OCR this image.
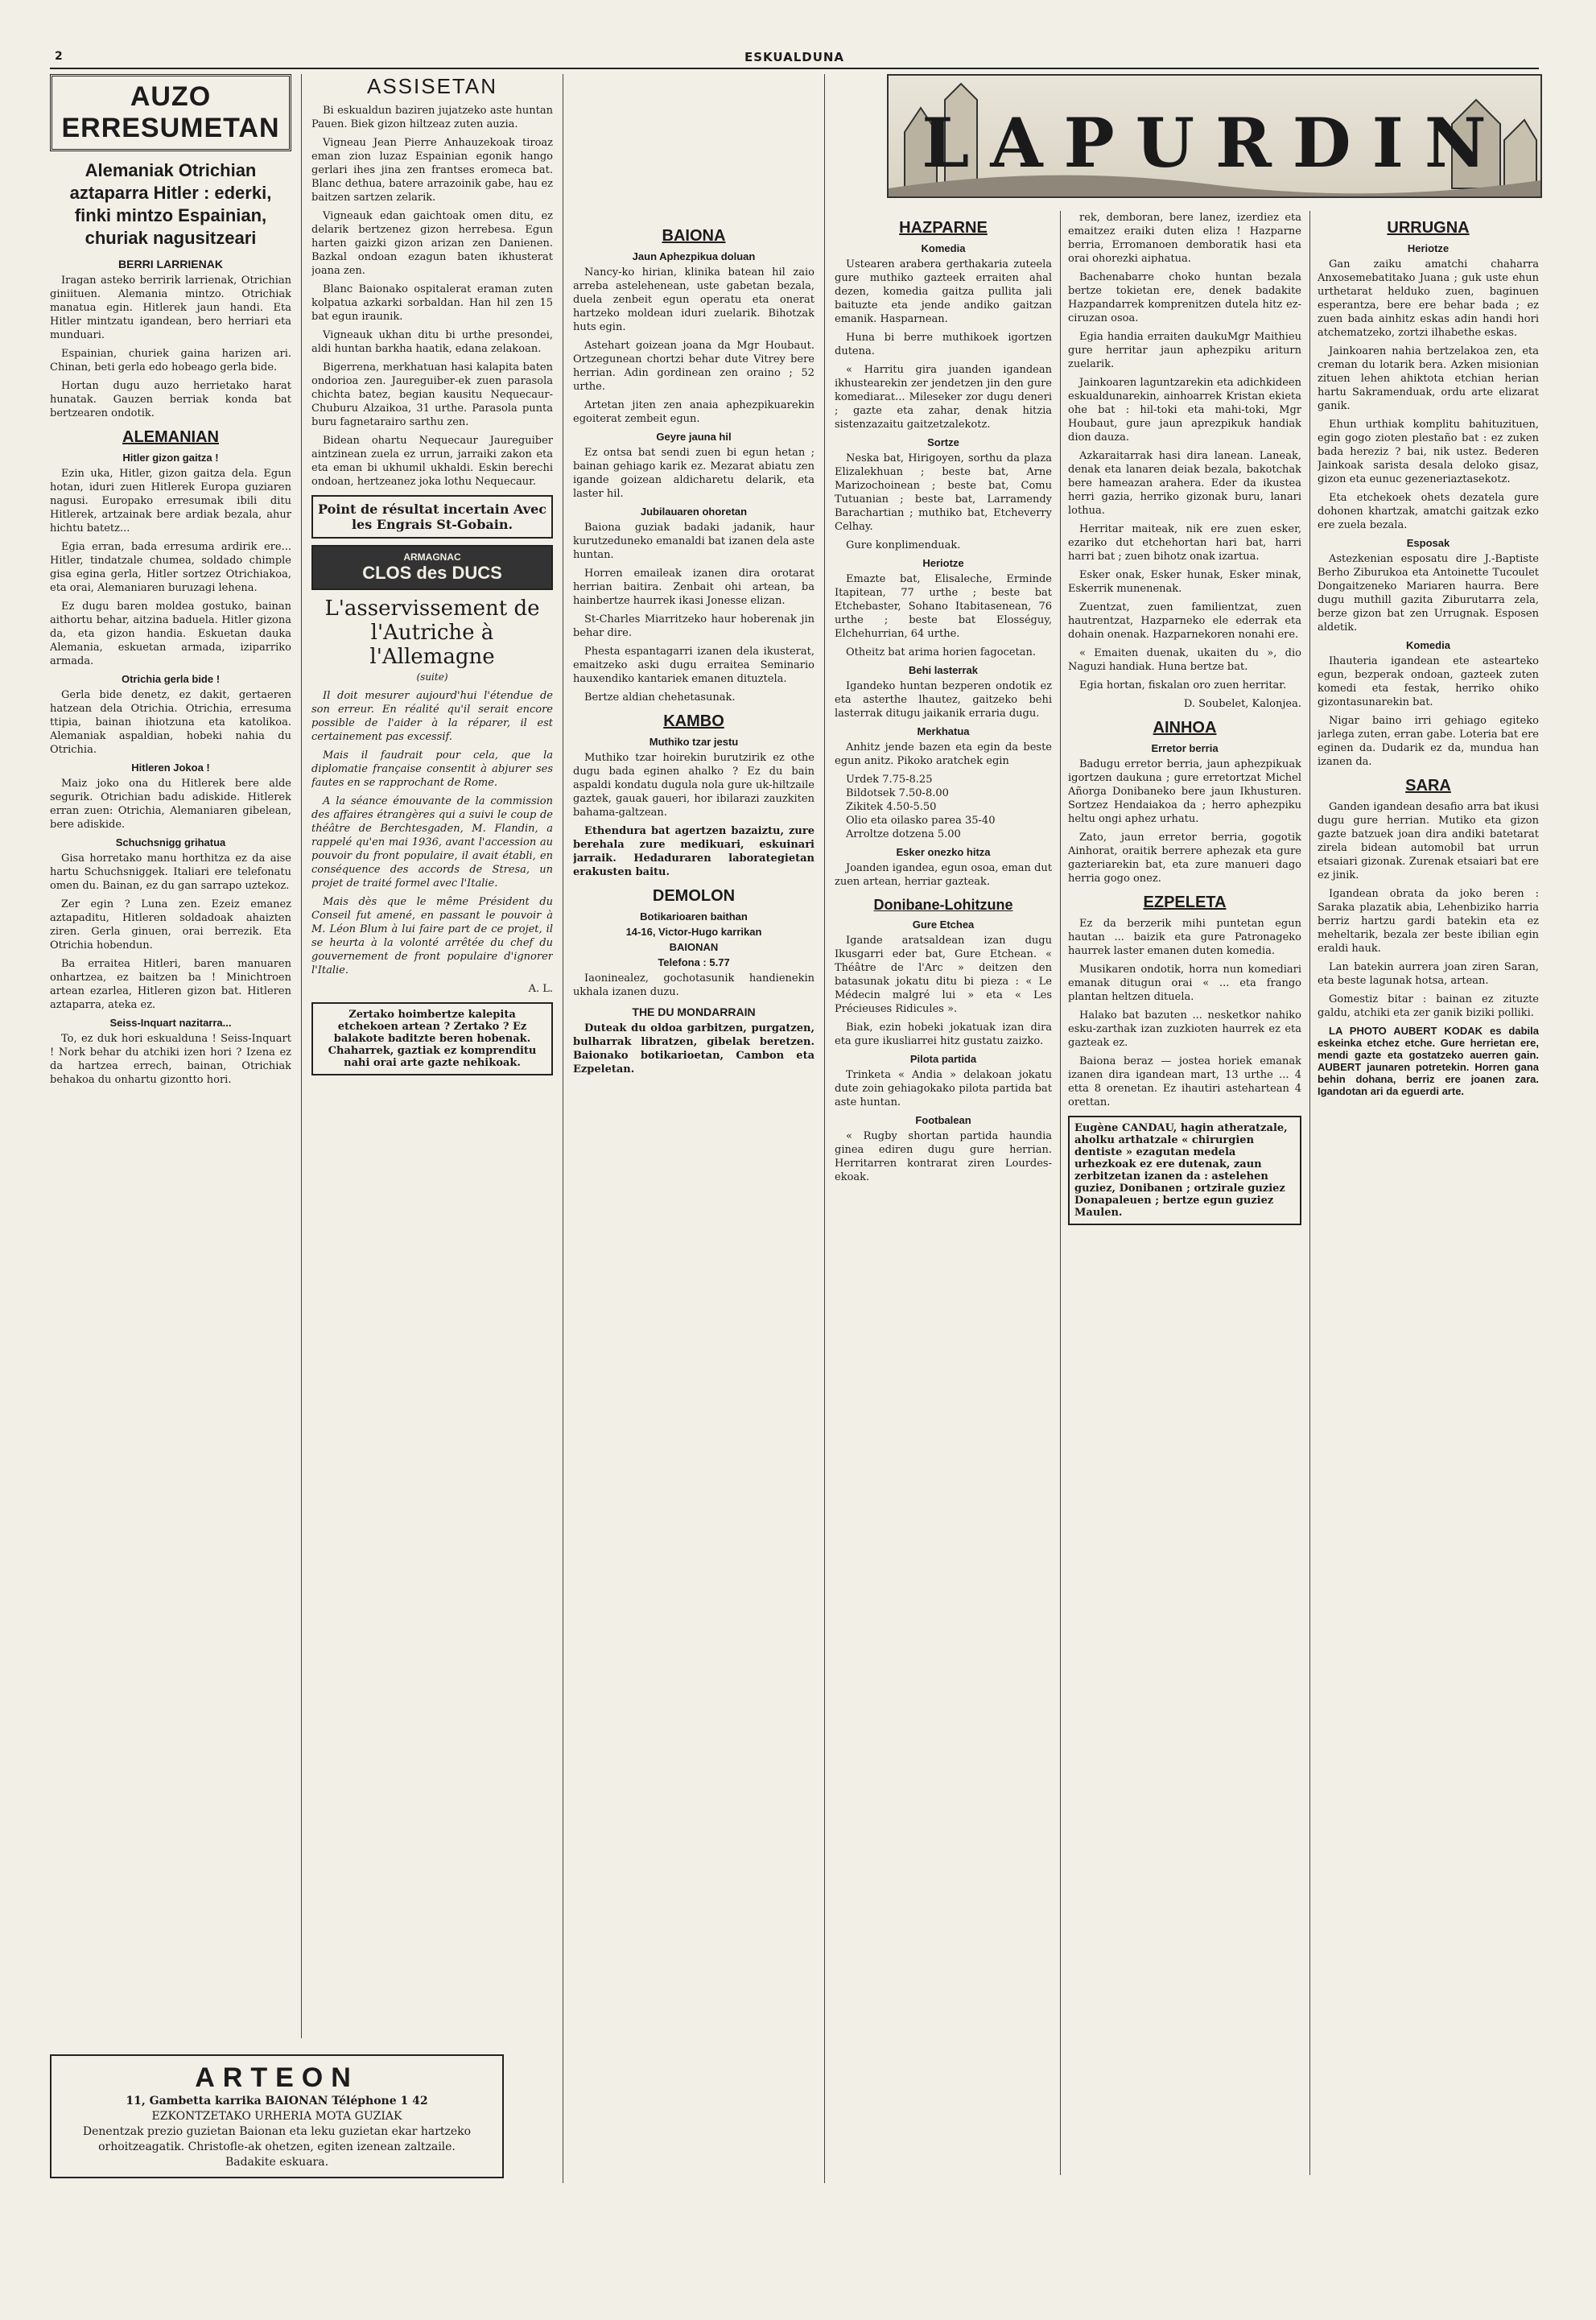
2	ESKUALDUNA
AUZO ERRESUMETAN
Alemaniak Otrichian aztaparra Hitler : ederki, finki mintzo Espainian, churiak nagusitzeari
BERRI LARRIENAK

Iragan asteko berririk larrienak, Otrichian giniituen. Alemania mintzo. Otrichiak manatua egin. Hitlerek jaun handi. Eta Hitler mintzatu igandean, bero herriari eta munduari.

Espainian, churiek gaina harizen ari. Chinan, beti gerla edo hobeago gerla bide.

Hortan dugu auzo herrietako harat hunatak. Gauzen berriak konda bat bertzearen ondotik.

ALEMANIAN
Hitler gizon gaitza !

Ezin uka, Hitler, gizon gaitza dela. Egun hotan, iduri zuen Hitlerek Europa guziaren nagusi. Europako erresumak ibili ditu Hitlerek, artzainak bere ardiak bezala, ahur hichtu batetz...

Egia erran, bada erresuma ardirik ere... Hitler, tindatzale chumea, soldado chimple gisa egina gerla, Hitler sortzez Otrichiakoa, eta orai, Alemaniaren buruzagi lehena.

Ez dugu baren moldea gostuko, bainan aithortu behar, aitzina baduela. Hitler gizona da, eta gizon handia. Eskuetan dauka Alemania, eskuetan armada, iziparriko armada.

Otrichia gerla bide !

Gerla bide denetz, ez dakit, gertaeren hatzean dela Otrichia. Otrichia, erresuma ttipia, bainan ihiotzuna eta katolikoa. Alemaniak aspaldian, hobeki nahia du Otrichia.

Hitleren Jokoa !

Maiz joko ona du Hitlerek bere alde segurik. Otrichian badu adiskide. Hitlerek erran zuen: Otrichia, Alemaniaren gibelean, bere adiskide.

Schuchsnigg grihatua

Gisa horretako manu horthitza ez da aise hartu Schuchsniggek. Italiari ere telefonatu omen du. Bainan, ez du gan sarrapo uztekoz.

Zer egin ? Luna zen. Ezeiz emanez aztapaditu, Hitleren soldadoak ahaizten ziren. Gerla ginuen, orai berrezik. Eta Otrichia hobendun.

Ba erraitea Hitleri, baren manuaren onhartzea, ez baitzen ba ! Minichtroen artean ezarlea, Hitleren gizon bat. Hitleren aztaparra, ateka ez.

Seiss-Inquart nazitarra...

To, ez duk hori eskualduna ! Seiss-Inquart ! Nork behar du atchiki izen hori ? Izena ez da hartzea errech, bainan, Otrichiak behakoa du onhartu gizontto hori.

ASSISETAN

Bi eskualdun baziren jujatzeko aste huntan Pauen. Biek gizon hiltzeaz zuten auzia.

Vigneau Jean Pierre Anhauzekoak tiroaz eman zion luzaz Espainian egonik hango gerlari ihes jina zen frantses eromeca bat. Blanc dethua, batere arrazoinik gabe, hau ez baitzen sartzen zelarik.

Vigneauk edan gaichtoak omen ditu, ez delarik bertzenez gizon herrebesa. Egun harten gaizki gizon arizan zen Danienen. Bazkal ondoan ezagun baten ikhusterat joana zen.

Blanc Baionako ospitalerat eraman zuten kolpatua azkarki sorbaldan. Han hil zen 15 bat egun iraunik.

Vigneauk ukhan ditu bi urthe presondei, aldi huntan barkha haatik, edana zelakoan.

Bigerrena, merkhatuan hasi kalapita baten ondorioa zen. Jaureguiber-ek zuen parasola chichta batez, begian kausitu Nequecaur-Chuburu Alzaikoa, 31 urthe. Parasola punta buru fagnetarairo sarthu zen.

Bidean ohartu Nequecaur Jaureguiber aintzinean zuela ez urrun, jarraiki zakon eta eta eman bi ukhumil ukhaldi. Eskin berechi ondoan, hertzeanez joka lothu Nequecaur.

Point de résultat incertain Avec les Engrais St-Gobain.
ARMAGNAC
CLOS des DUCS
L'asservissement de l'Autriche à l'Allemagne
(suite)

Il doit mesurer aujourd'hui l'étendue de son erreur. En réalité qu'il serait encore possible de l'aider à la réparer, il est certainement pas excessif.

Mais il faudrait pour cela, que la diplomatie française consentit à abjurer ses fautes en se rapprochant de Rome.

A la séance émouvante de la commission des affaires étrangères qui a suivi le coup de théâtre de Berchtesgaden, M. Flandin, a rappelé qu'en mai 1936, avant l'accession au pouvoir du front populaire, il avait établi, en conséquence des accords de Stresa, un projet de traité formel avec l'Italie.

Mais dès que le même Président du Conseil fut amené, en passant le pouvoir à M. Léon Blum à lui faire part de ce projet, il se heurta à la volonté arrêtée du chef du gouvernement de front populaire d'ignorer l'Italie.

A. L.
Zertako hoimbertze kalepita etchekoen artean ? Zertako ? Ez balakote baditzte beren hobenak. Chaharrek, gaztiak ez komprenditu nahi orai arte gazte nehikoak.
BAIONA
Jaun Aphezpikua doluan

Nancy-ko hirian, klinika batean hil zaio arreba astelehenean, uste gabetan bezala, duela zenbeit egun operatu eta onerat hartzeko moldean iduri zuelarik. Bihotzak huts egin.

Astehart goizean joana da Mgr Houbaut. Ortzegunean chortzi behar dute Vitrey bere herrian. Adin gordinean zen oraino ; 52 urthe.

Artetan jiten zen anaia aphezpikuarekin egoiterat zembeit egun.

Geyre jauna hil

Ez ontsa bat sendi zuen bi egun hetan ; bainan gehiago karik ez. Mezarat abiatu zen igande goizean aldicharetu delarik, eta laster hil.

Jubilauaren ohoretan

Baiona guziak badaki jadanik, haur kurutzeduneko emanaldi bat izanen dela aste huntan.

Horren emaileak izanen dira orotarat herrian baitira. Zenbait ohi artean, ba hainbertze haurrek ikasi Jonesse elizan.

St-Charles Miarritzeko haur hoberenak jin behar dire.

Phesta espantagarri izanen dela ikusterat, emaitzeko aski dugu erraitea Seminario hauxendiko kantariek emanen dituztela.

Bertze aldian chehetasunak.

KAMBO
Muthiko tzar jestu

Muthiko tzar hoirekin burutzirik ez othe dugu bada eginen ahalko ? Ez du bain aspaldi kondatu dugula nola gure uk-hiltzaile gaztek, gauak gaueri, hor ibilarazi zauzkiten bahama-galtzean.

Ethendura bat agertzen bazaiztu, zure berehala zure medikuari, eskuinari jarraik. Hedaduraren laborategietan erakusten baitu.

DEMOLON
Botikarioaren baithan
14-16, Victor-Hugo karrikan
BAIONAN
Telefona : 5.77

Iaoninealez, gochotasunik handienekin ukhala izanen duzu.

THE DU MONDARRAIN

Duteak du oldoa garbitzen, purgatzen, bulharrak libratzen, gibelak beretzen. Baionako botikarioetan, Cambon eta Ezpeletan.

LAPURDIN
HAZPARNE
Komedia

Ustearen arabera gerthakaria zuteela gure muthiko gazteek erraiten ahal dezen, komedia gaitza pullita jali baituzte eta jende andiko gaitzan emanik. Hasparnean.

Huna bi berre muthikoek igortzen dutena.

« Harritu gira juanden igandean ikhustearekin zer jendetzen jin den gure komediarat... Mileseker zor dugu deneri ; gazte eta zahar, denak hitzia sistenzazaitu gaitzetzalekotz.

Sortze

Neska bat, Hirigoyen, sorthu da plaza Elizalekhuan ; beste bat, Arne Marizochoinean ; beste bat, Comu Tutuanian ; beste bat, Larramendy Barachartian ; muthiko bat, Etcheverry Celhay.

Gure konplimenduak.

Heriotze

Emazte bat, Elisaleche, Erminde Itapitean, 77 urthe ; beste bat Etchebaster, Sohano Itabitasenean, 76 urthe ; beste bat Elosséguy, Elchehurrian, 64 urthe.

Otheitz bat arima horien fagocetan.

Behi lasterrak

Igandeko huntan bezperen ondotik ez eta asterthe lhautez, gaitzeko behi lasterrak ditugu jaikanik erraria dugu.

Merkhatua

Anhitz jende bazen eta egin da beste egun anitz. Pikoko aratchek egin

Urdek 7.75-8.25
Bildotsek 7.50-8.00
Zikitek 4.50-5.50
Olio eta oilasko parea 35-40
Arroltze dotzena 5.00
Esker onezko hitza

Joanden igandea, egun osoa, eman dut zuen artean, herriar gazteak.

Donibane-Lohitzune
Gure Etchea

Igande aratsaldean izan dugu Ikusgarri eder bat, Gure Etchean. « Théâtre de l'Arc » deitzen den batasunak jokatu ditu bi pieza : « Le Médecin malgré lui » eta « Les Précieuses Ridicules ».

Biak, ezin hobeki jokatuak izan dira eta gure ikusliarrei hitz gustatu zaizko.

Pilota partida

Trinketa « Andia » delakoan jokatu dute zoin gehiagokako pilota partida bat aste huntan.

Footbalean

« Rugby shortan partida haundia ginea ediren dugu gure herrian. Herritarren kontrarat ziren Lourdes-ekoak.

rek, demboran, bere lanez, izerdiez eta emaitzez eraiki duten eliza ! Hazparne berria, Erromanoen demboratik hasi eta orai ohorezki aiphatua.

Bachenabarre choko huntan bezala bertze tokietan ere, denek badakite Hazpandarrek komprenitzen dutela hitz ez- ciruzan osoa.

Egia handia erraiten daukuMgr Maithieu gure herritar jaun aphezpiku ariturn zuelarik.

Jainkoaren laguntzarekin eta adichkideen eskualdunarekin, ainhoarrek Kristan ekieta ohe bat : hil-toki eta mahi-toki, Mgr Houbaut, gure jaun aprezpikuk handiak dion dauza.

Azkaraitarrak hasi dira lanean. Laneak, denak eta lanaren deiak bezala, bakotchak bere hameazan arahera. Eder da ikustea herri gazia, herriko gizonak buru, lanari lothua.

Herritar maiteak, nik ere zuen esker, ezariko dut etchehortan hari bat, harri harri bat ; zuen bihotz onak izartua.

Esker onak, Esker hunak, Esker minak, Eskerrik munenenak.

Zuentzat, zuen familientzat, zuen hautrentzat, Hazparneko ele ederrak eta dohain onenak. Hazparnekoren nonahi ere.

« Emaiten duenak, ukaiten du », dio Naguzi handiak. Huna bertze bat.

Egia hortan, fiskalan oro zuen herritar.

D. Soubelet, Kalonjea.
AINHOA
Erretor berria

Badugu erretor berria, jaun aphezpikuak igortzen daukuna ; gure erretortzat Michel Añorga Donibaneko bere jaun Ikhusturen. Sortzez Hendaiakoa da ; herro aphezpiku heltu ongi aphez urhatu.

Zato, jaun erretor berria, gogotik Ainhorat, oraitik berrere aphezak eta gure gazteriarekin bat, eta zure manueri dago herria gogo onez.

EZPELETA

Ez da berzerik mihi puntetan egun hautan ... baizik eta gure Patronageko haurrek laster emanen duten komedia.

Musikaren ondotik, horra nun komediari emanak ditugun orai « ... eta frango plantan heltzen dituela.

Halako bat bazuten ... nesketkor nahiko esku-zarthak izan zuzkioten haurrek ez eta gazteak ez.

Baiona beraz — jostea horiek emanak izanen dira igandean mart, 13 urthe ... 4 etta 8 orenetan. Ez ihautiri astehartean 4 orettan.

Eugène CANDAU, hagin atheratzale, aholku arthatzale « chirurgien dentiste » ezagutan medela urhezkoak ez ere dutenak, zaun zerbitzetan izanen da : astelehen guziez, Donibanen ; ortzirale guziez Donapaleuen ; bertze egun guziez Maulen.
URRUGNA
Heriotze

Gan zaiku amatchi chaharra Anxosemebatitako Juana ; guk uste ehun urthetarat helduko zuen, baginuen esperantza, bere ere behar bada ; ez zuen bada ainhitz eskas adin handi hori atchematzeko, zortzi ilhabethe eskas.

Jainkoaren nahia bertzelakoa zen, eta creman du lotarik bera. Azken misionian zituen lehen ahiktota etchian herian hartu Sakramenduak, ordu arte elizarat ganik.

Ehun urthiak komplitu bahituzituen, egin gogo zioten plestaño bat : ez zuken bada hereziz ? bai, nik ustez. Bederen Jainkoak sarista desala deloko gisaz, gizon eta eunuc gezeneriaztasekotz.

Eta etchekoek ohets dezatela gure dohonen khartzak, amatchi gaitzak ezko ere zuela bezala.

Esposak

Astezkenian esposatu dire J.-Baptiste Berho Ziburukoa eta Antoinette Tucoulet Dongaitzeneko Mariaren haurra. Bere dugu muthill gazita Ziburutarra zela, berze gizon bat zen Urrugnak. Esposen aldetik.

Komedia

Ihauteria igandean ete astearteko egun, bezperak ondoan, gazteek zuten komedi eta festak, herriko ohiko gizontasunarekin bat.

Nigar baino irri gehiago egiteko jarlega zuten, erran gabe. Loteria bat ere eginen da. Dudarik ez da, mundua han izanen da.

SARA

Ganden igandean desafio arra bat ikusi dugu gure herrian. Mutiko eta gizon gazte batzuek joan dira andiki batetarat zirela bidean automobil bat urrun etsaiari gizonak. Zurenak etsaiari bat ere ez jinik.

Igandean obrata da joko beren : Saraka plazatik abia, Lehenbiziko harria berriz hartzu gardi batekin eta ez meheltarik, bezala zer beste ibilian egin eraldi hauk.

Lan batekin aurrera joan ziren Saran, eta beste lagunak hotsa, artean.

Gomestiz bitar : bainan ez zituzte galdu, atchiki eta zer ganik biziki polliki.

LA PHOTO AUBERT KODAK es dabila eskeinka etchez etche. Gure herrietan ere, mendi gazte eta gostatzeko auerren gain. AUBERT jaunaren potretekin. Horren gana behin dohana, berriz ere joanen zara. Igandotan ari da eguerdi arte.

ARTEON
11, Gambetta karrika BAIONAN Téléphone 1 42
EZKONTZETAKO URHERIA MOTA GUZIAK
Denentzak prezio guzietan Baionan eta leku guzietan ekar hartzeko orhoitzeagatik. Christofle-ak ohetzen, egiten izenean zaltzaile.
Badakite eskuara.
